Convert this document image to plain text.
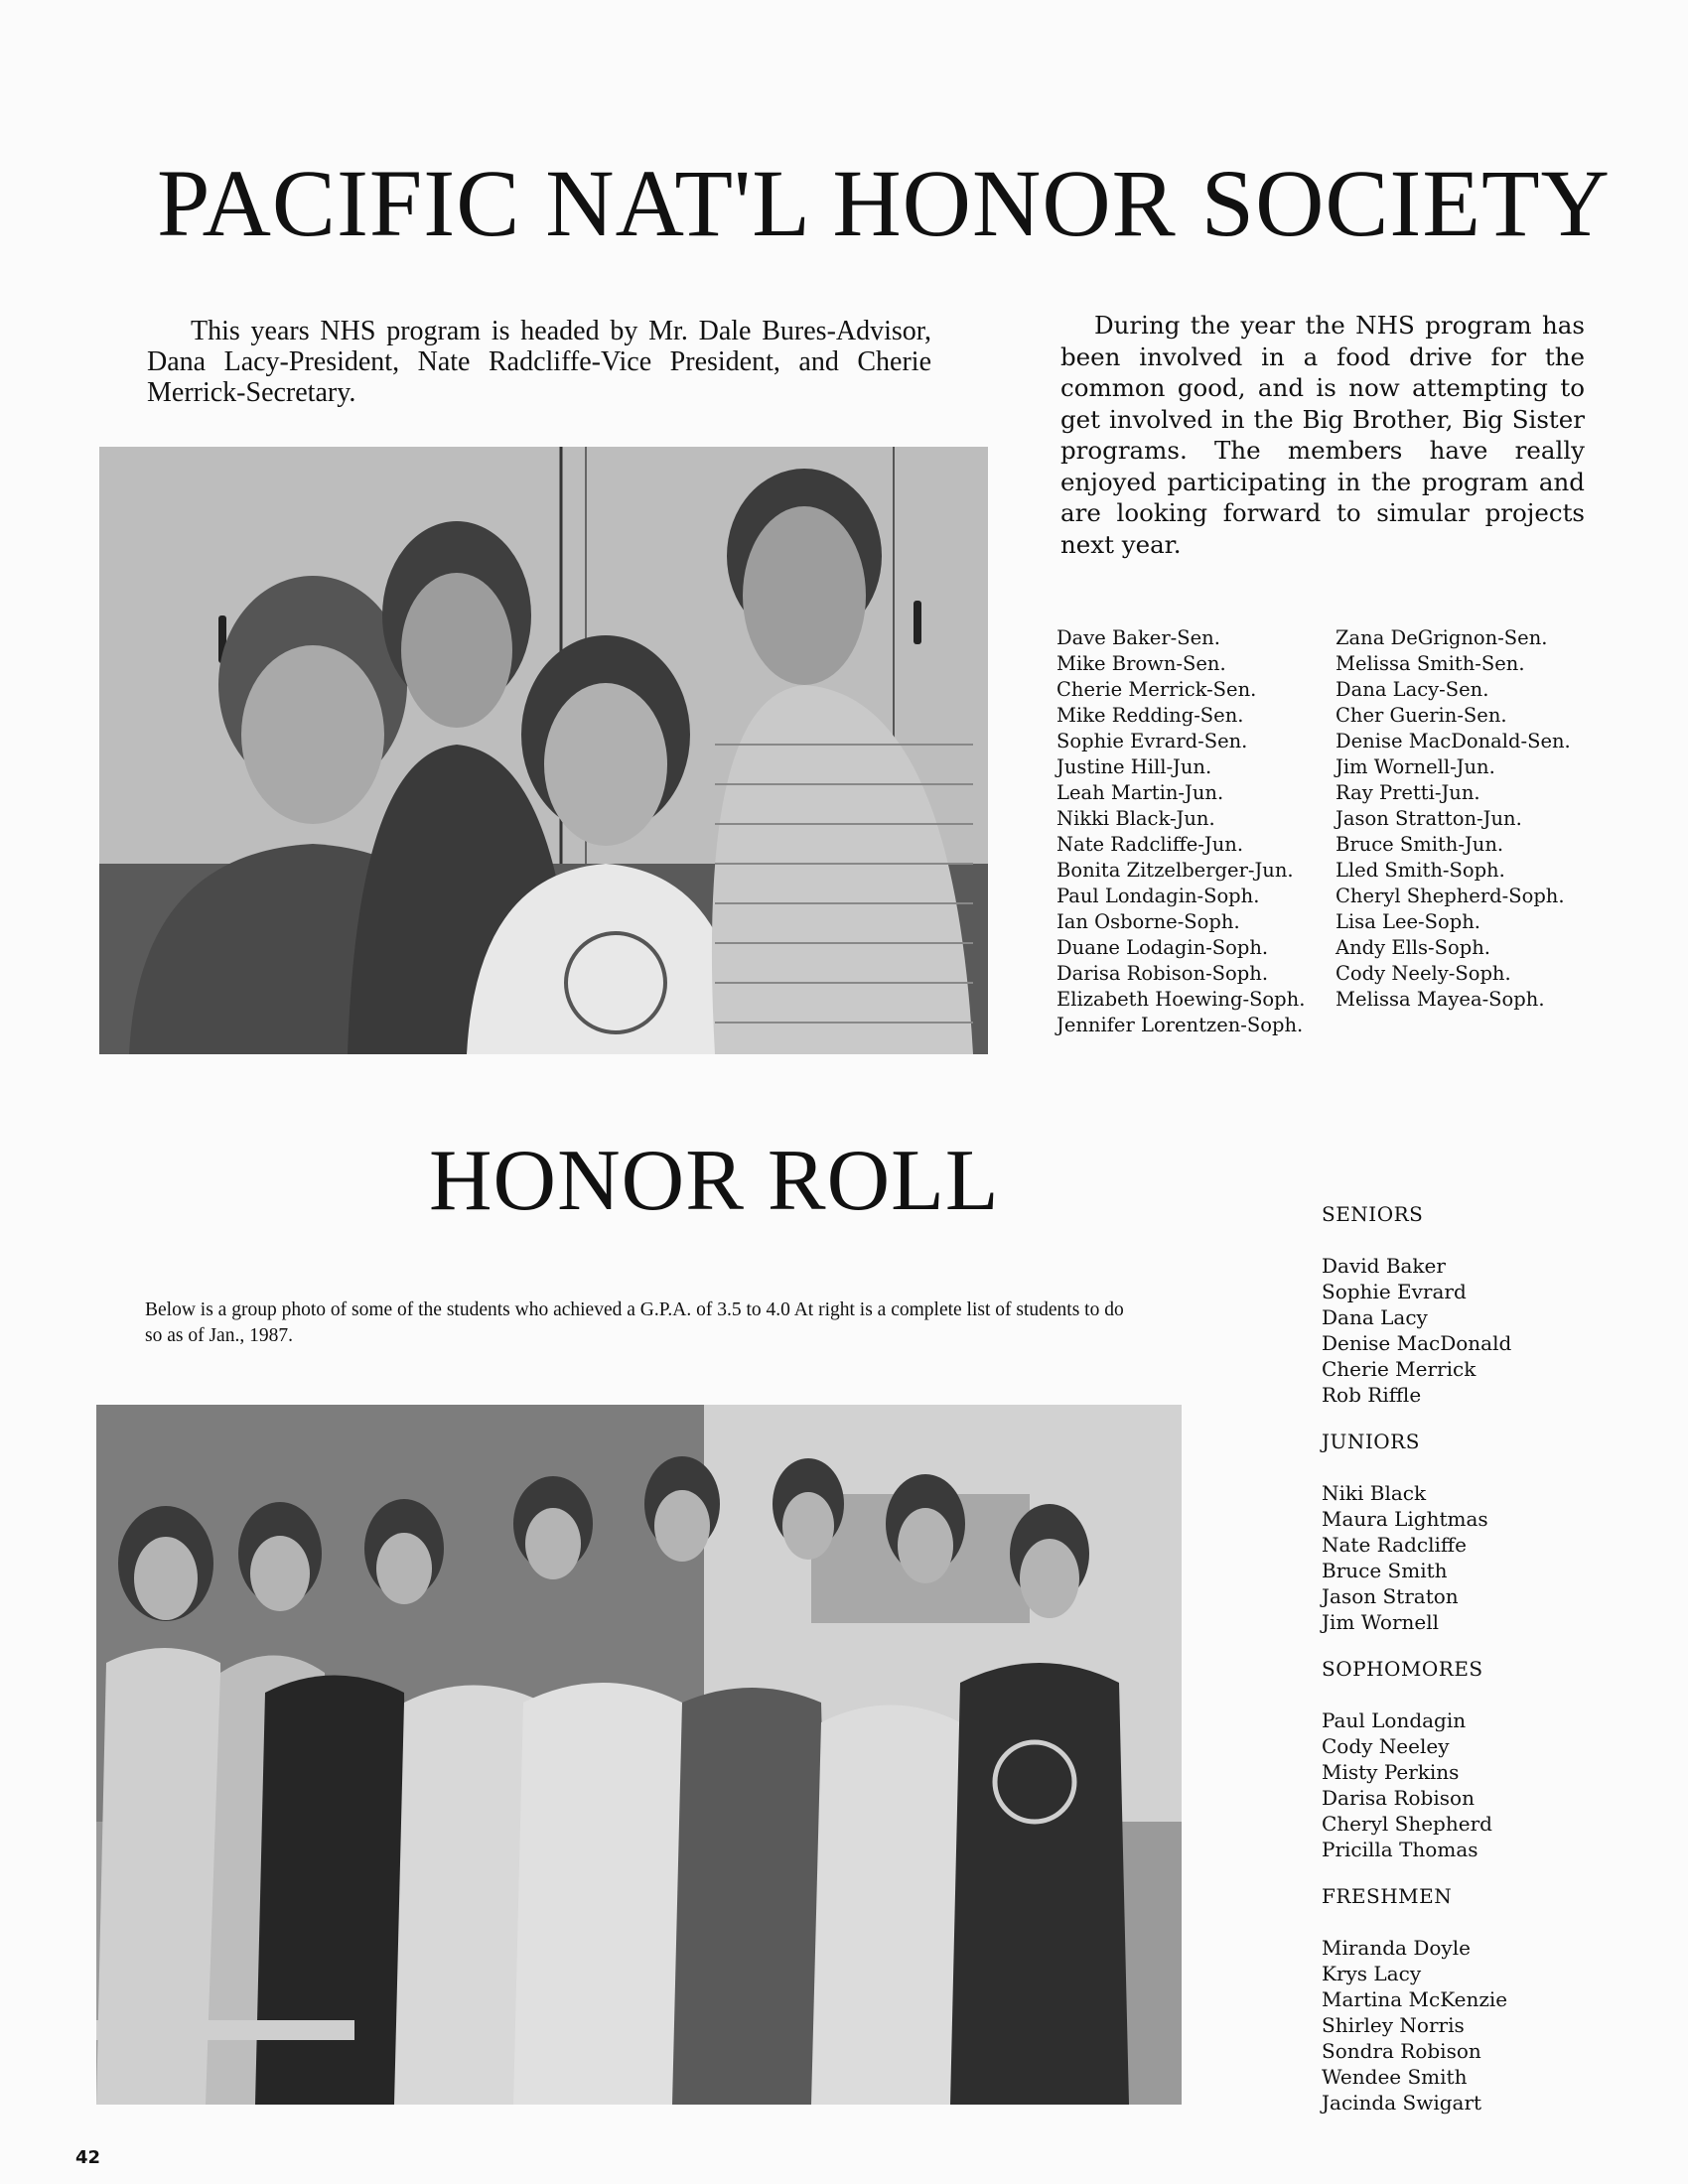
PACIFIC NAT'L HONOR SOCIETY

This years NHS program is headed by Mr. Dale Bures-Advisor, Dana Lacy-President, Nate Radcliffe-Vice President, and Cherie Merrick-Secretary.

During the year the NHS program has been involved in a food drive for the common good, and is now attempting to get involved in the Big Brother, Big Sister programs. The members have really enjoyed participating in the program and are looking forward to simular projects next year.

Dave Baker-Sen.
Mike Brown-Sen.
Cherie Merrick-Sen.
Mike Redding-Sen.
Sophie Evrard-Sen.
Justine Hill-Jun.
Leah Martin-Jun.
Nikki Black-Jun.
Nate Radcliffe-Jun.
Bonita Zitzelberger-Jun.
Paul Londagin-Soph.
Ian Osborne-Soph.
Duane Lodagin-Soph.
Darisa Robison-Soph.
Elizabeth Hoewing-Soph.
Jennifer Lorentzen-Soph.
Zana DeGrignon-Sen.
Melissa Smith-Sen.
Dana Lacy-Sen.
Cher Guerin-Sen.
Denise MacDonald-Sen.
Jim Wornell-Jun.
Ray Pretti-Jun.
Jason Stratton-Jun.
Bruce Smith-Jun.
Lled Smith-Soph.
Cheryl Shepherd-Soph.
Lisa Lee-Soph.
Andy Ells-Soph.
Cody Neely-Soph.
Melissa Mayea-Soph.
HONOR ROLL

Below is a group photo of some of the students who achieved a G.P.A. of 3.5 to 4.0 At right is a complete list of students to do so as of Jan., 1987.

SENIORS
David Baker
Sophie Evrard
Dana Lacy
Denise MacDonald
Cherie Merrick
Rob Riffle
JUNIORS
Niki Black
Maura Lightmas
Nate Radcliffe
Bruce Smith
Jason Straton
Jim Wornell
SOPHOMORES
Paul Londagin
Cody Neeley
Misty Perkins
Darisa Robison
Cheryl Shepherd
Pricilla Thomas
FRESHMEN
Miranda Doyle
Krys Lacy
Martina McKenzie
Shirley Norris
Sondra Robison
Wendee Smith
Jacinda Swigart
42
